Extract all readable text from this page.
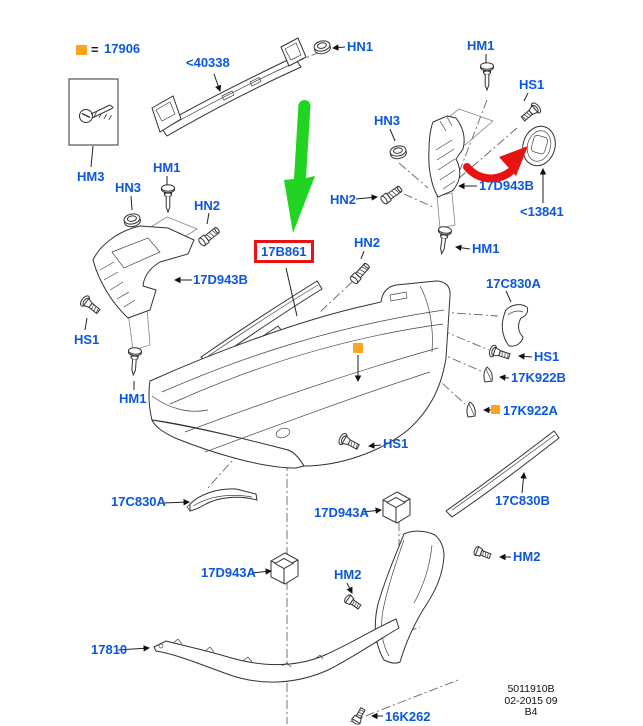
= 17906
17B861
<40338
HN1	HM1
HS1
HN3
HM3
HM1
HN3
HN2	HN2
17D943B
<13841
HM1
HN2
17D943B	17C830A
HS1
HS1
17K922B
HM1
17K922A
HS1
17C830A
17D943A
17C830B
HM2
17D943A	HM2
17810
16K262
5011910B
02-2015 09
B4
